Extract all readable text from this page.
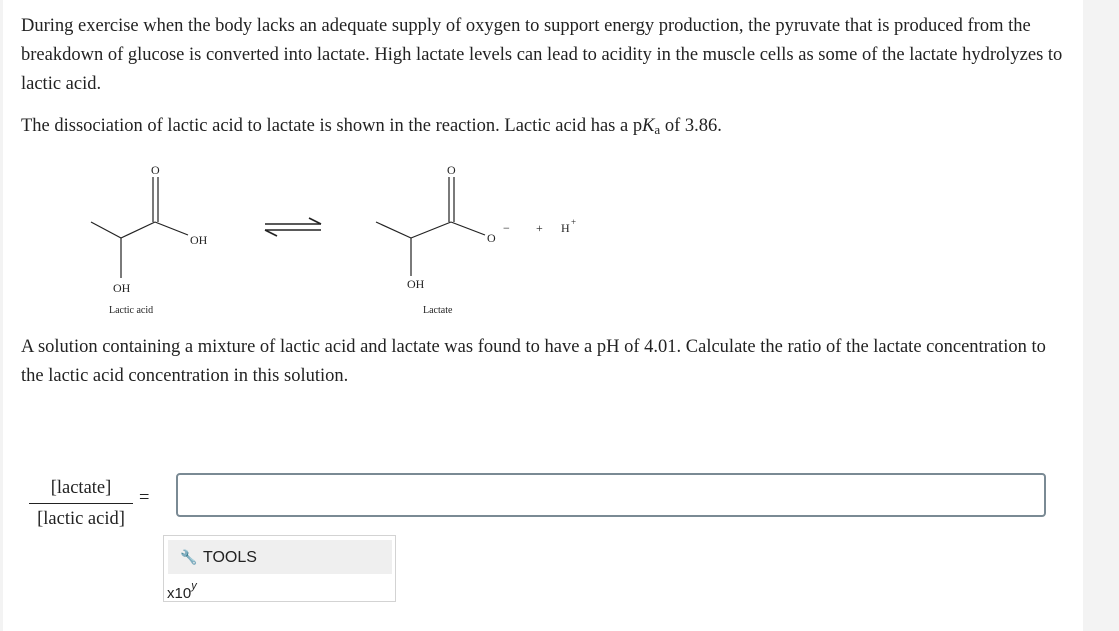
During exercise when the body lacks an adequate supply of oxygen to support energy production, the pyruvate that is produced from the breakdown of glucose is converted into lactate. High lactate levels can lead to acidity in the muscle cells as some of the lactate hydrolyzes to lactic acid.

The dissociation of lactic acid to lactate is shown in the reaction. Lactic acid has a $pK_a$ of 3.86.

O
OH
OH
Lactic acid
O
O
−
OH
Lactate
+ H +

A solution containing a mixture of lactic acid and lactate was found to have a pH of 4.01. Calculate the ratio of the lactate concentration to the lactic acid concentration in this solution.

[lactate]
[lactic acid]
=
🔧 TOOLS
x10$^y$
